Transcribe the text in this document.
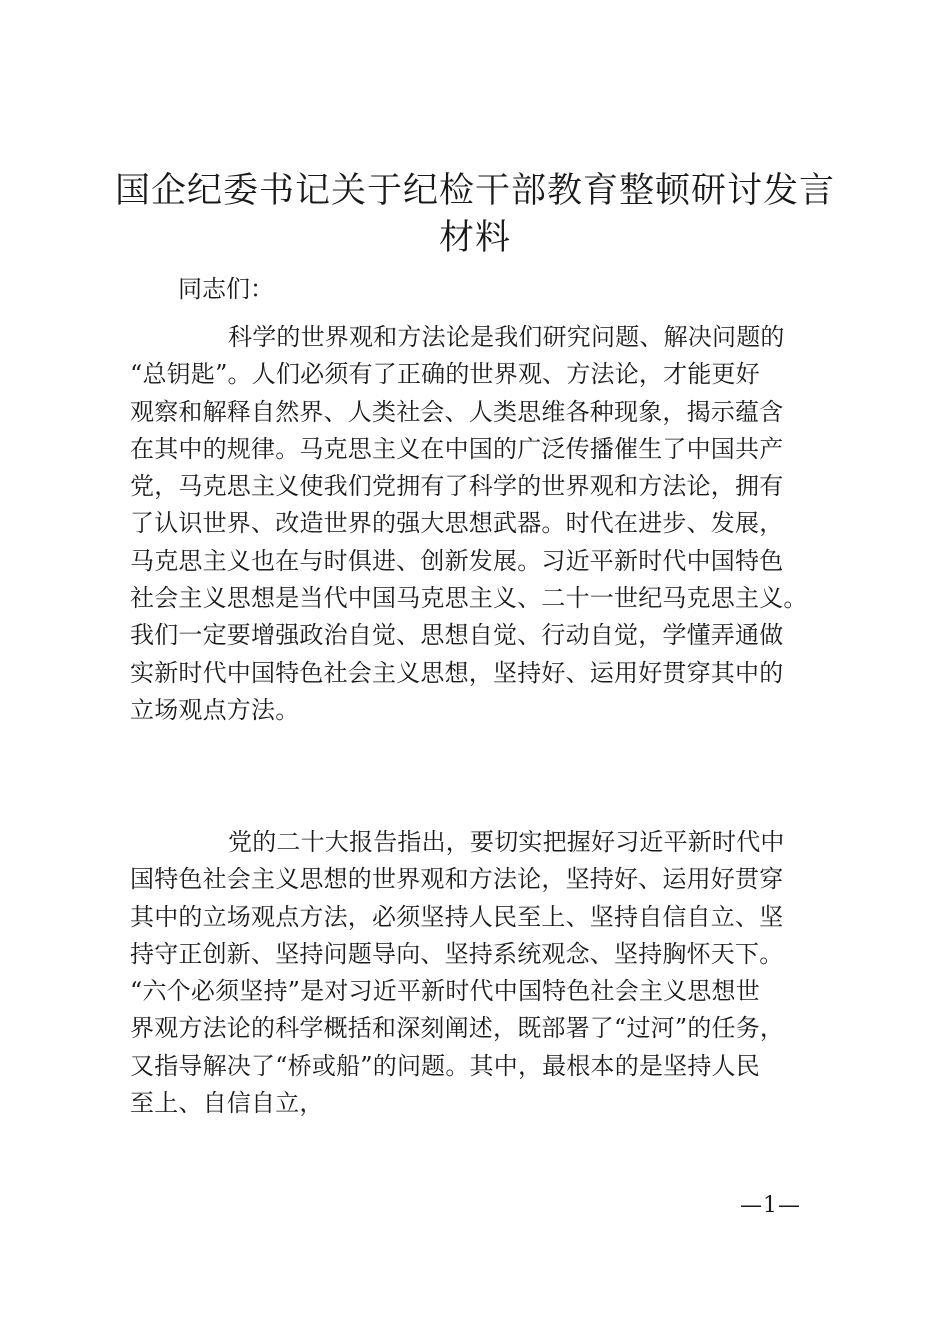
国企纪委书记关于纪检干部教育整顿研讨发言
材料

同志们：

科学的世界观和方法论是我们研究问题、解决问题的
“总钥匙”。人们必须有了正确的世界观、方法论，才能更好
观察和解释自然界、人类社会、人类思维各种现象，揭示蕴含
在其中的规律。马克思主义在中国的广泛传播催生了中国共产
党，马克思主义使我们党拥有了科学的世界观和方法论，拥有
了认识世界、改造世界的强大思想武器。时代在进步、发展，
马克思主义也在与时俱进、创新发展。习近平新时代中国特色
社会主义思想是当代中国马克思主义、二十一世纪马克思主义。
我们一定要增强政治自觉、思想自觉、行动自觉，学懂弄通做
实新时代中国特色社会主义思想，坚持好、运用好贯穿其中的
立场观点方法。

党的二十大报告指出，要切实把握好习近平新时代中
国特色社会主义思想的世界观和方法论，坚持好、运用好贯穿
其中的立场观点方法，必须坚持人民至上、坚持自信自立、坚
持守正创新、坚持问题导向、坚持系统观念、坚持胸怀天下。
“六个必须坚持”是对习近平新时代中国特色社会主义思想世
界观方法论的科学概括和深刻阐述，既部署了“过河”的任务，
又指导解决了“桥或船”的问题。其中，最根本的是坚持人民
至上、自信自立，

—1—
